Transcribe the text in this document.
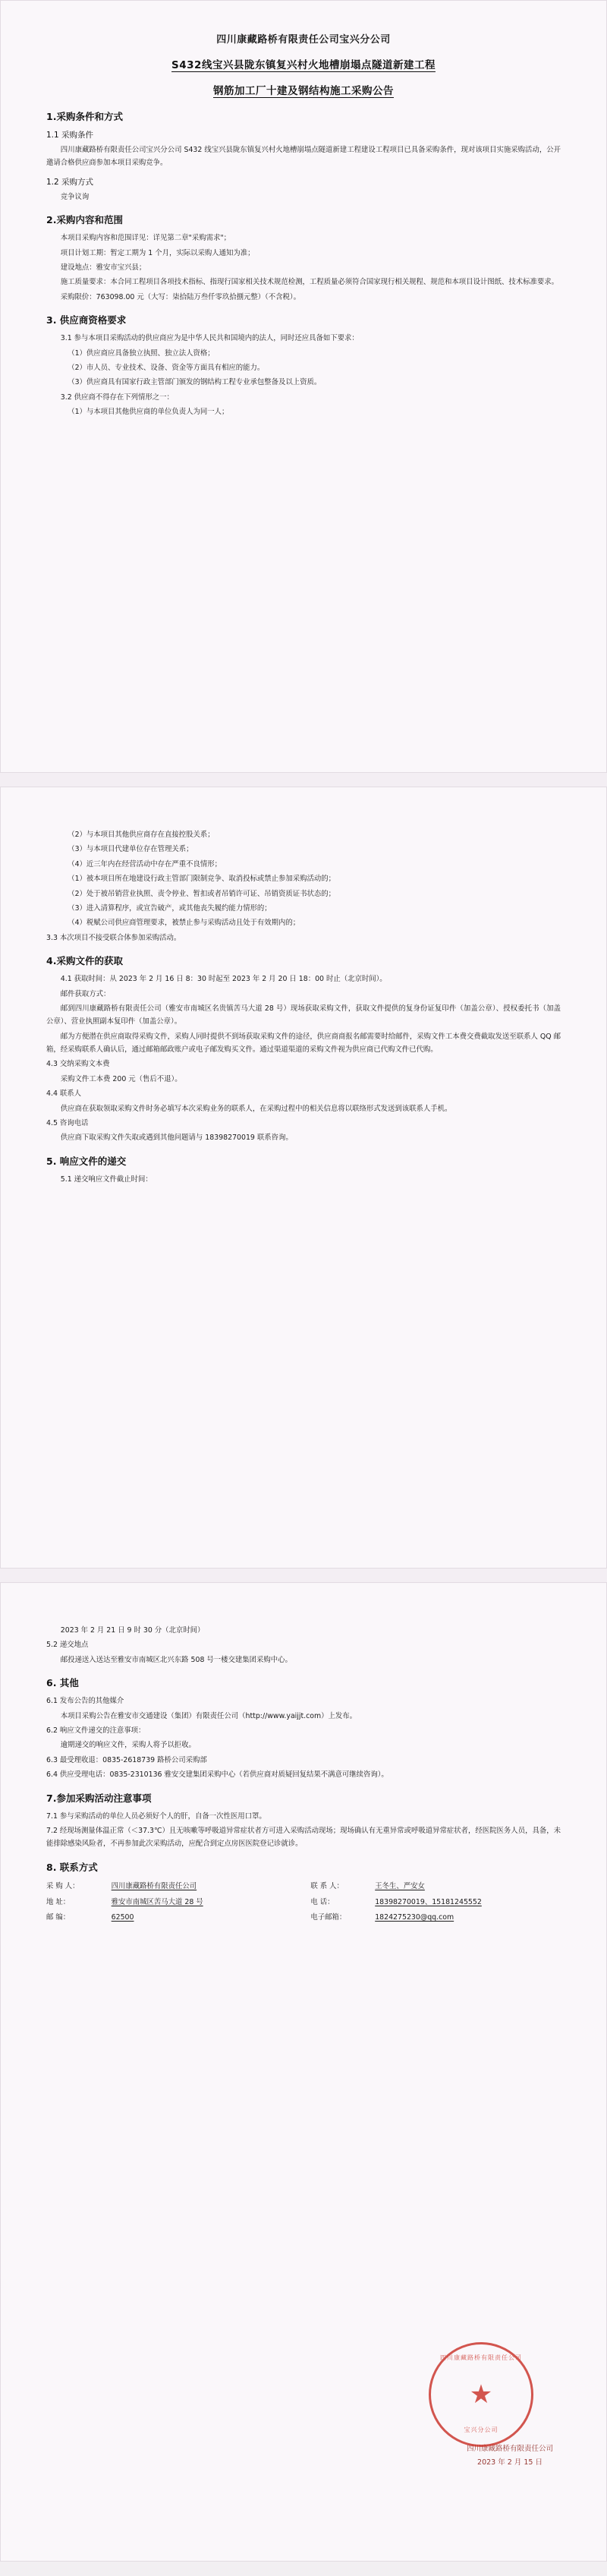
四川康藏路桥有限责任公司宝兴分公司
S432线宝兴县陇东镇复兴村火地槽崩塌点隧道新建工程
钢筋加工厂十建及钢结构施工采购公告
1.采购条件和方式
1.1 采购条件
四川康藏路桥有限责任公司宝兴分公司 S432 线宝兴县陇东镇复兴村火地槽崩塌点隧道新建工程建设工程项目已具备采购条件，现对该项目实施采购活动，公开邀请合格供应商参加本项目采购竞争。
1.2 采购方式
竞争议询
2.采购内容和范围
本项目采购内容和范围详见：详见第二章"采购需求"；
项目计划工期：暂定工期为 1 个月，实际以采购人通知为准；
建设地点：雅安市宝兴县；
施工质量要求：本合同工程项目各项技术指标、指现行国家相关技术规范检测，工程质量必须符合国家现行相关规程、规范和本项目设计图纸、技术标准要求。
采购限价：763098.00 元（大写：柒拾陆万叁仟零玖拾捌元整）（不含税）。
3. 供应商资格要求
3.1 参与本项目采购活动的供应商应为是中华人民共和国境内的法人，同时还应具备如下要求：
（1）供应商应具备独立执照、独立法人资格；
（2）市人员、专业技术、设备、资金等方面具有相应的能力。
（3）供应商具有国家行政主管部门颁发的钢结构工程专业承包整备及以上资质。
3.2 供应商不得存在下列情形之一：
（1）与本项目其他供应商的单位负责人为同一人；
（2）与本项目其他供应商存在直接控股关系；
（3）与本项目代建单位存在管理关系；
（4）近三年内在经营活动中存在严重不良情形；
（1）被本项目所在地建设行政主管部门限制竞争、取消投标或禁止参加采购活动的；
（2）处于被吊销营业执照、责令停业、暂扣或者吊销许可证、吊销资质证书状态的；
（3）进入清算程序，或宣告破产，或其他丧失履约能力情形的；
（4）税赋公司供应商管理要求，被禁止参与采购活动且处于有效期内的；
3.3 本次项目不接受联合体参加采购活动。
4.采购文件的获取
4.1 获取时间：从 2023 年 2 月 16 日 8：30 时起至 2023 年 2 月 20 日 18：00 时止（北京时间）。
邮件获取方式：
邮到四川康藏路桥有限责任公司（雅安市南城区名贵镇苦马大道 28 号）现场获取采购文件，获取文件提供的复身份证复印件（加盖公章）、授权委托书（加盖公章）、营业执照副本复印件（加盖公章）。
邮为方便潜在供应商取得采购文件，采购人同时提供不到场获取采购文件的途径，供应商商报名邮需要时给邮件，采购文件工本费交费截取发送至联系人 QQ 邮箱，经采购联系人确认后，通过邮箱邮政账户或电子邮发购买文件。通过渠道渠道的采购文件视为供应商已代购文件已代购。
4.3 交纳采购文本费
采购文件工本费 200 元（售后不退）。
4.4 联系人
供应商在获取领取采购文件时务必填写本次采购业务的联系人，在采购过程中的相关信息将以联络形式发送到该联系人手机。
4.5 咨询电话
供应商下取采购文件失取或遇到其他问题请与 18398270019 联系咨询。
5. 响应文件的递交
5.1 递交响应文件截止时间：
2023 年 2 月 21 日 9 时 30 分（北京时间）
5.2 递交地点
邮投递送入送达至雅安市南城区北兴东路 508 号一楼交建集团采购中心。
6. 其他
6.1 发布公告的其他媒介
本项目采购公告在雅安市交通建设（集团）有限责任公司（http://www.yaijjt.com）上发布。
6.2 响应文件递交的注意事项：
逾期递交的响应文件，采购人将予以拒收。
6.3 最受理收退：0835-2618739 路桥公司采购部
6.4 供应受理电话：0835-2310136 雅安交建集团采购中心（若供应商对质疑回复结果不满意可继续咨询）。
7.参加采购活动注意事项
7.1 参与采购活动的单位人员必须好个人的肝，自备一次性医用口罩。
7.2 经现场测量体温正常（＜37.3℃）且无咳嗽等呼吸道异常症状者方可进入采购活动现场；现场确认有无重异常或呼吸道异常症状者，经医院医务人员，具备，未能排除感染风险者，不再参加此次采购活动，应配合到定点房医医院登记诊就诊。
8. 联系方式
采 购 人：	四川康藏路桥有限责任公司	联 系 人：	王冬生、严安女
地 址：	雅安市南城区苦马大道 28 号	电 话：	18398270019、15181245552
邮 编：	62500	电子邮箱：	1824275230@qq.com
四川康藏路桥有限责任公司
2023 年 2 月 15 日
四川康藏路桥有限责任公司
★
宝兴分公司
